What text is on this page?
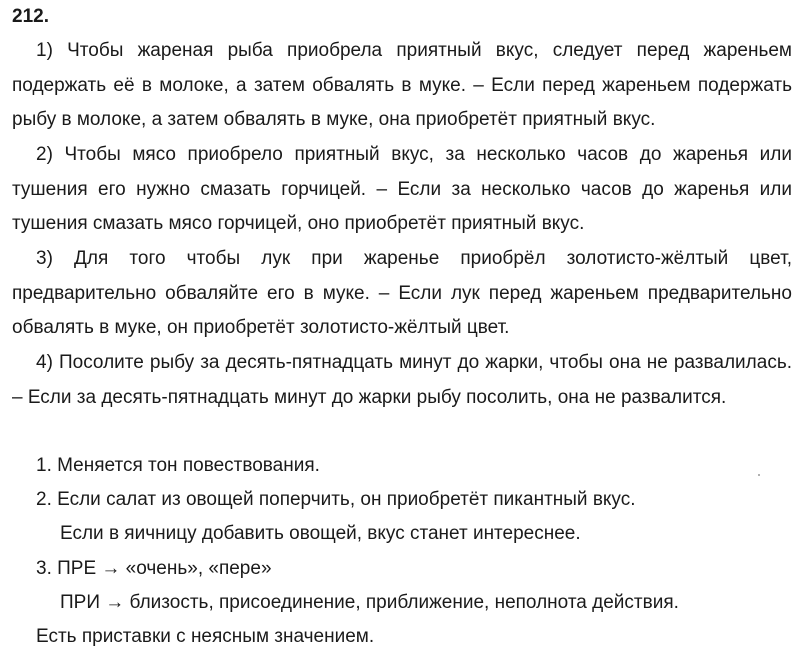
212.

1) Чтобы жареная рыба приобрела приятный вкус, следует перед жареньем подержать её в молоке, а затем обвалять в муке. – Если перед жареньем подержать рыбу в молоке, а затем обвалять в муке, она приобретёт приятный вкус.

2) Чтобы мясо приобрело приятный вкус, за несколько часов до жаренья или тушения его нужно смазать горчицей. – Если за несколько часов до жаренья или тушения смазать мясо горчицей, оно приобретёт приятный вкус.

3) Для того чтобы лук при жаренье приобрёл золотисто-жёлтый цвет, предварительно обваляйте его в муке. – Если лук перед жареньем предварительно обвалять в муке, он приобретёт золотисто-жёлтый цвет.

4) Посолите рыбу за десять-пятнадцать минут до жарки, чтобы она не развалилась. – Если за десять-пятнадцать минут до жарки рыбу посолить, она не развалится.

1. Меняется тон повествования.
2. Если салат из овощей поперчить, он приобретёт пикантный вкус.
Если в яичницу добавить овощей, вкус станет интереснее.
3. ПРЕ → «очень», «пере»
ПРИ → близость, присоединение, приближение, неполнота действия.
Есть приставки с неясным значением.
